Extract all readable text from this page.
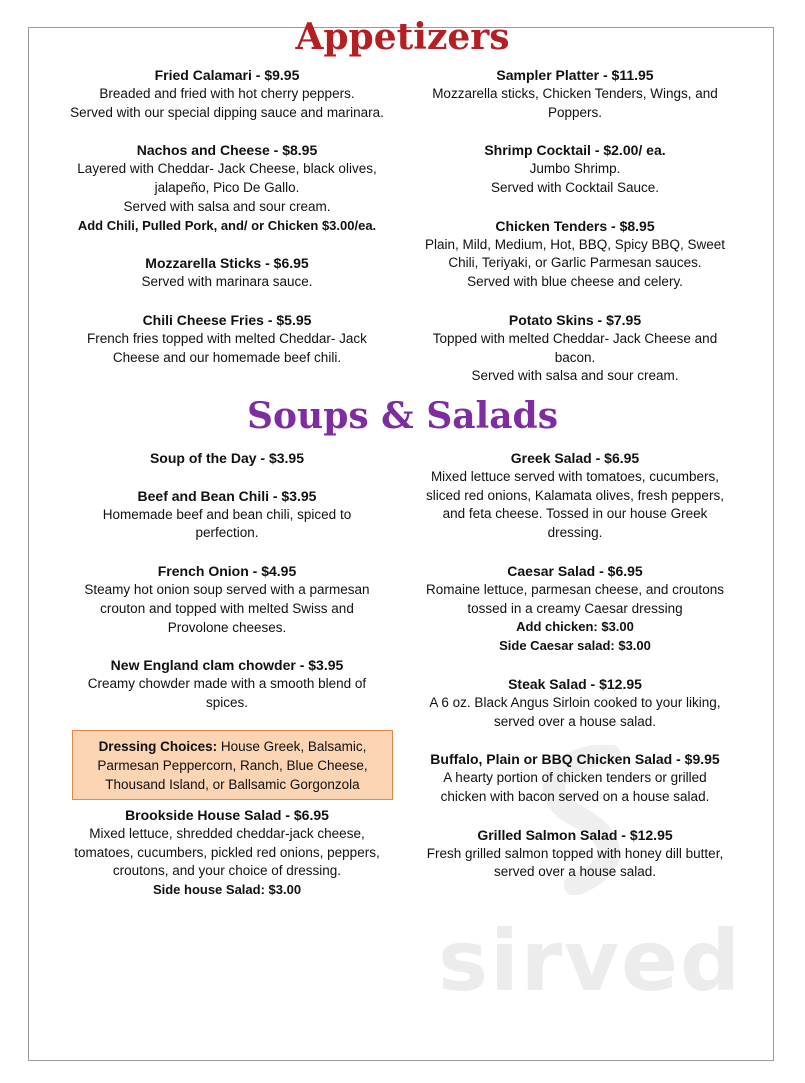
sirved
Appetizers
Soups & Salads
Fried Calamari - $9.95
Breaded and fried with hot cherry peppers.
Served with our special dipping sauce and marinara.
Nachos and Cheese - $8.95
Layered with Cheddar- Jack Cheese, black olives,
jalapeño, Pico De Gallo.
Served with salsa and sour cream.
Add Chili, Pulled Pork, and/ or Chicken $3.00/ea.
Mozzarella Sticks - $6.95
Served with marinara sauce.
Chili Cheese Fries - $5.95
French fries topped with melted Cheddar- Jack
Cheese and our homemade beef chili.
Sampler Platter - $11.95
Mozzarella sticks, Chicken Tenders, Wings, and
Poppers.
Shrimp Cocktail - $2.00/ ea.
Jumbo Shrimp.
Served with Cocktail Sauce.
Chicken Tenders - $8.95
Plain, Mild, Medium, Hot, BBQ, Spicy BBQ, Sweet
Chili, Teriyaki, or Garlic Parmesan sauces.
Served with blue cheese and celery.
Potato Skins - $7.95
Topped with melted Cheddar- Jack Cheese and
bacon.
Served with salsa and sour cream.
Soup of the Day - $3.95
Beef and Bean Chili - $3.95
Homemade beef and bean chili, spiced to
perfection.
French Onion - $4.95
Steamy hot onion soup served with a parmesan
crouton and topped with melted Swiss and
Provolone cheeses.
New England clam chowder - $3.95
Creamy chowder made with a smooth blend of
spices.
Greek Salad - $6.95
Mixed lettuce served with tomatoes, cucumbers,
sliced red onions, Kalamata olives, fresh peppers,
and feta cheese. Tossed in our house Greek
dressing.
Caesar Salad - $6.95
Romaine lettuce, parmesan cheese, and croutons
tossed in a creamy Caesar dressing
Add chicken: $3.00
Side Caesar salad: $3.00
Steak Salad - $12.95
A 6 oz. Black Angus Sirloin cooked to your liking,
served over a house salad.
Buffalo, Plain or BBQ Chicken Salad - $9.95
A hearty portion of chicken tenders or grilled
chicken with bacon served on a house salad.
Grilled Salmon Salad - $12.95
Fresh grilled salmon topped with honey dill butter,
served over a house salad.
Dressing Choices: House Greek, Balsamic,
Parmesan Peppercorn, Ranch, Blue Cheese,
Thousand Island, or Ballsamic Gorgonzola
Brookside House Salad - $6.95
Mixed lettuce, shredded cheddar-jack cheese,
tomatoes, cucumbers, pickled red onions, peppers,
croutons, and your choice of dressing.
Side house Salad: $3.00
